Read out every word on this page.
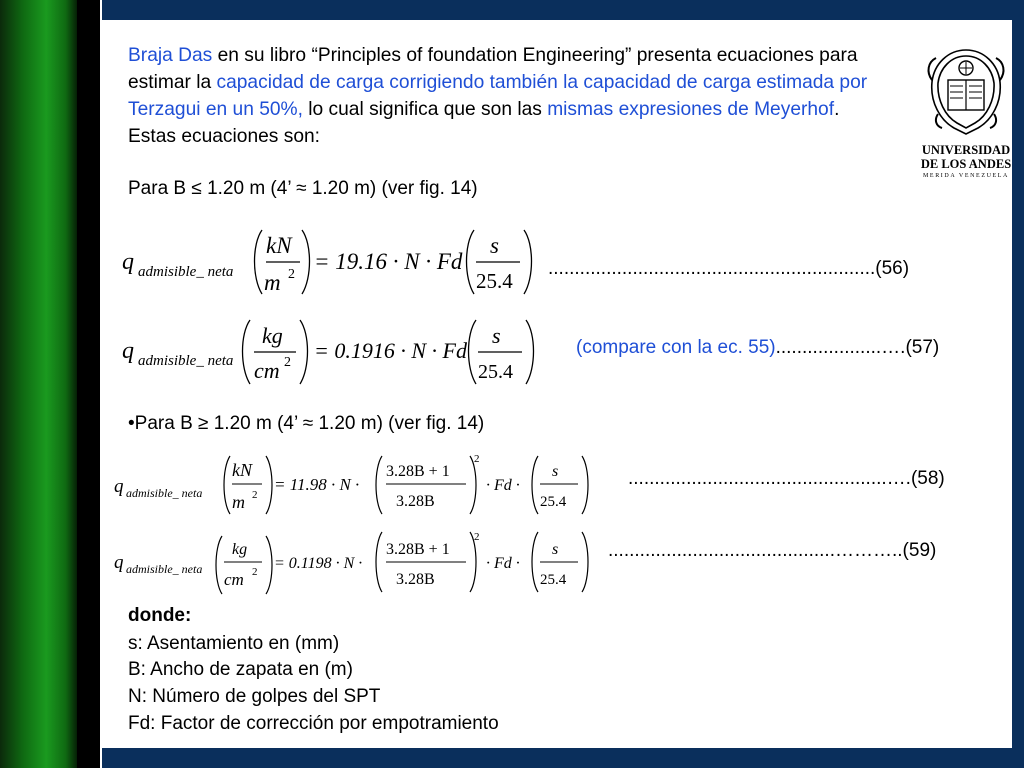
Braja Das en su libro “Principles of foundation Engineering” presenta ecuaciones para estimar la capacidad de carga corrigiendo también la capacidad de carga estimada por Terzagui en un 50%, lo cual significa que son las mismas expresiones de Meyerhof. Estas ecuaciones son:
UNIVERSIDAD
DE LOS ANDES
MERIDA VENEZUELA
Para B ≤ 1.20 m (4’ ≈ 1.20 m) (ver fig. 14)
q admisible_ neta
kN
m 2
= 19.16 · N · Fd
s
25.4
..............................................................(56)
q admisible_ neta
kg
cm 2 = 0.1916 · N · Fd
s
25.4
(compare con la ec. 55)....................….(57)
•Para B ≥ 1.20 m (4’ ≈ 1.20 m) (ver fig. 14)
q admisible_ neta
kN
m 2
= 11.98 · N ·
3.28B + 1
3.28B
2
· Fd ·
s
25.4
.................................................….(58)
q admisible_ neta
kg
cm 2 = 0.1198 · N ·
3.28B + 1
3.28B
2
· Fd ·
s
25.4
...........................................………..(59)
donde:
s: Asentamiento en (mm)
B: Ancho de zapata en (m)
N: Número de golpes del SPT
Fd: Factor de corrección por empotramiento
